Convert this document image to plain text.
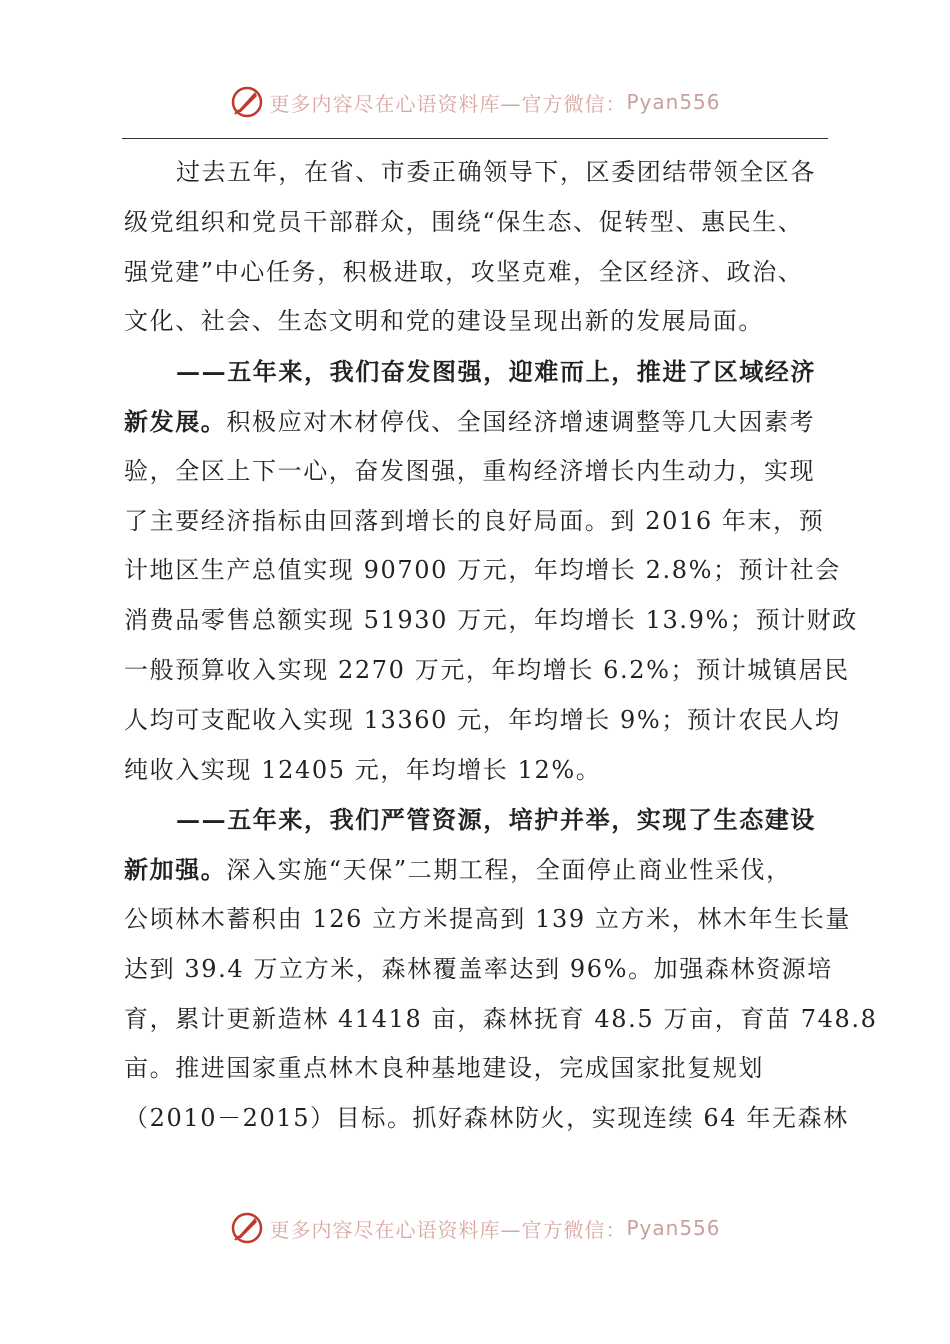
更多内容尽在心语资料库—官方微信： Pyan556
过去五年，在省、市委正确领导下，区委团结带领全区各
级党组织和党员干部群众，围绕“保生态、促转型、惠民生、
强党建”中心任务，积极进取，攻坚克难，全区经济、政治、
文化、社会、生态文明和党的建设呈现出新的发展局面。
——五年来，我们奋发图强，迎难而上，推进了区域经济
新发展。积极应对木材停伐、全国经济增速调整等几大因素考
验，全区上下一心，奋发图强，重构经济增长内生动力，实现
了主要经济指标由回落到增长的良好局面。到 2016 年末，预
计地区生产总值实现 90700 万元，年均增长 2.8%；预计社会
消费品零售总额实现 51930 万元，年均增长 13.9%；预计财政
一般预算收入实现 2270 万元，年均增长 6.2%；预计城镇居民
人均可支配收入实现 13360 元，年均增长 9%；预计农民人均
纯收入实现 12405 元，年均增长 12%。
——五年来，我们严管资源，培护并举，实现了生态建设
新加强。深入实施“天保”二期工程，全面停止商业性采伐，
公顷林木蓄积由 126 立方米提高到 139 立方米，林木年生长量
达到 39.4 万立方米，森林覆盖率达到 96%。加强森林资源培
育，累计更新造林 41418 亩，森林抚育 48.5 万亩，育苗 748.8
亩。推进国家重点林木良种基地建设，完成国家批复规划
（2010－2015）目标。抓好森林防火，实现连续 64 年无森林
更多内容尽在心语资料库—官方微信： Pyan556
